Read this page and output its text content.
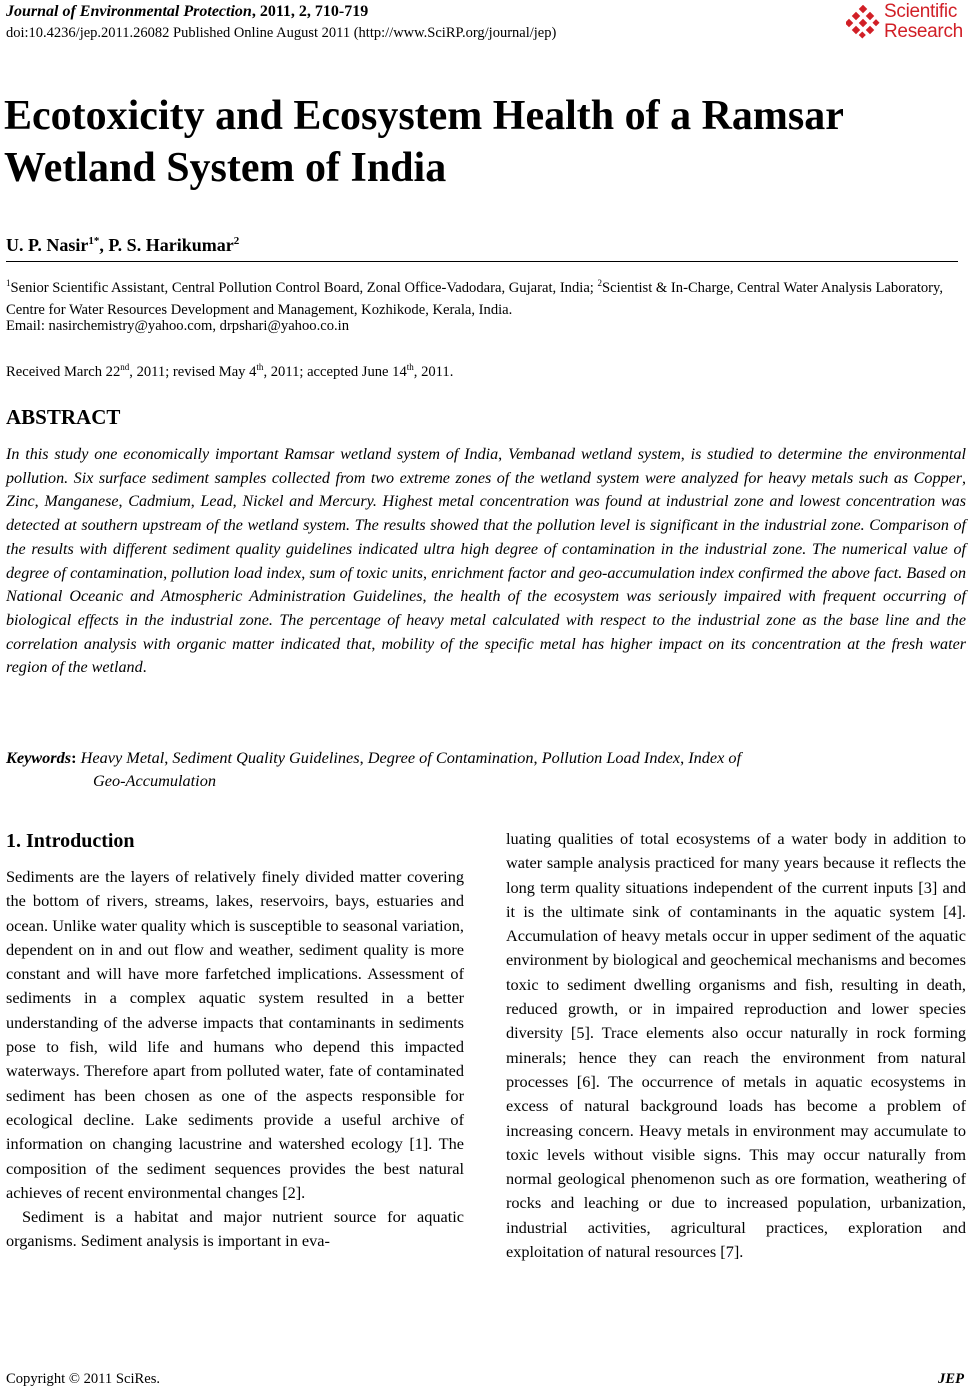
Journal of Environmental Protection, 2011, 2, 710-719
doi:10.4236/jep.2011.26082 Published Online August 2011 (http://www.SciRP.org/journal/jep)
Scientific
Research
Ecotoxicity and Ecosystem Health of a Ramsar Wetland System of India
U. P. Nasir$^{1*}$, P. S. Harikumar$^2$
$^1$Senior Scientific Assistant, Central Pollution Control Board, Zonal Office-Vadodara, Gujarat, India; $^2$Scientist & In-Charge, Central Water Analysis Laboratory, Centre for Water Resources Development and Management, Kozhikode, Kerala, India.
Email: nasirchemistry@yahoo.com, drpshari@yahoo.co.in
Received March 22nd, 2011; revised May 4th, 2011; accepted June 14th, 2011.
ABSTRACT

In this study one economically important Ramsar wetland system of India, Vembanad wetland system, is studied to determine the environmental pollution. Six surface sediment samples collected from two extreme zones of the wetland system were analyzed for heavy metals such as Copper, Zinc, Manganese, Cadmium, Lead, Nickel and Mercury. Highest metal concentration was found at industrial zone and lowest concentration was detected at southern upstream of the wetland system. The results showed that the pollution level is significant in the industrial zone. Comparison of the results with different sediment quality guidelines indicated ultra high degree of contamination in the industrial zone. The numerical value of degree of contamination, pollution load index, sum of toxic units, enrichment factor and geo-accumulation index confirmed the above fact. Based on National Oceanic and Atmospheric Administration Guidelines, the health of the ecosystem was seriously impaired with frequent occurring of biological effects in the industrial zone. The percentage of heavy metal calculated with respect to the industrial zone as the base line and the correlation analysis with organic matter indicated that, mobility of the specific metal has higher impact on its concentration at the fresh water region of the wetland.

Keywords: Heavy Metal, Sediment Quality Guidelines, Degree of Contamination, Pollution Load Index, Index of
Geo-Accumulation
1. Introduction

Sediments are the layers of relatively finely divided matter covering the bottom of rivers, streams, lakes, reservoirs, bays, estuaries and ocean. Unlike water quality which is susceptible to seasonal variation, dependent on in and out flow and weather, sediment quality is more constant and will have more farfetched implications. Assessment of sediments in a complex aquatic system resulted in a better understanding of the adverse impacts that contaminants in sediments pose to fish, wild life and humans who depend this impacted waterways. Therefore apart from polluted water, fate of contaminated sediment has been chosen as one of the aspects responsible for ecological decline. Lake sediments provide a useful archive of information on changing lacustrine and watershed ecology [1]. The composition of the sediment sequences provides the best natural achieves of recent environmental changes [2].

Sediment is a habitat and major nutrient source for aquatic organisms. Sediment analysis is important in eva-

luating qualities of total ecosystems of a water body in addition to water sample analysis practiced for many years because it reflects the long term quality situations independent of the current inputs [3] and it is the ultimate sink of contaminants in the aquatic system [4]. Accumulation of heavy metals occur in upper sediment of the aquatic environment by biological and geochemical mechanisms and becomes toxic to sediment dwelling organisms and fish, resulting in death, reduced growth, or in impaired reproduction and lower species diversity [5]. Trace elements also occur naturally in rock forming minerals; hence they can reach the environment from natural processes [6]. The occurrence of metals in aquatic ecosystems in excess of natural background loads has become a problem of increasing concern. Heavy metals in environment may accumulate to toxic levels without visible signs. This may occur naturally from normal geological phenomenon such as ore formation, weathering of rocks and leaching or due to increased population, urbanization, industrial activities, agricultural practices, exploration and exploitation of natural resources [7].

Copyright © 2011 SciRes.	JEP
